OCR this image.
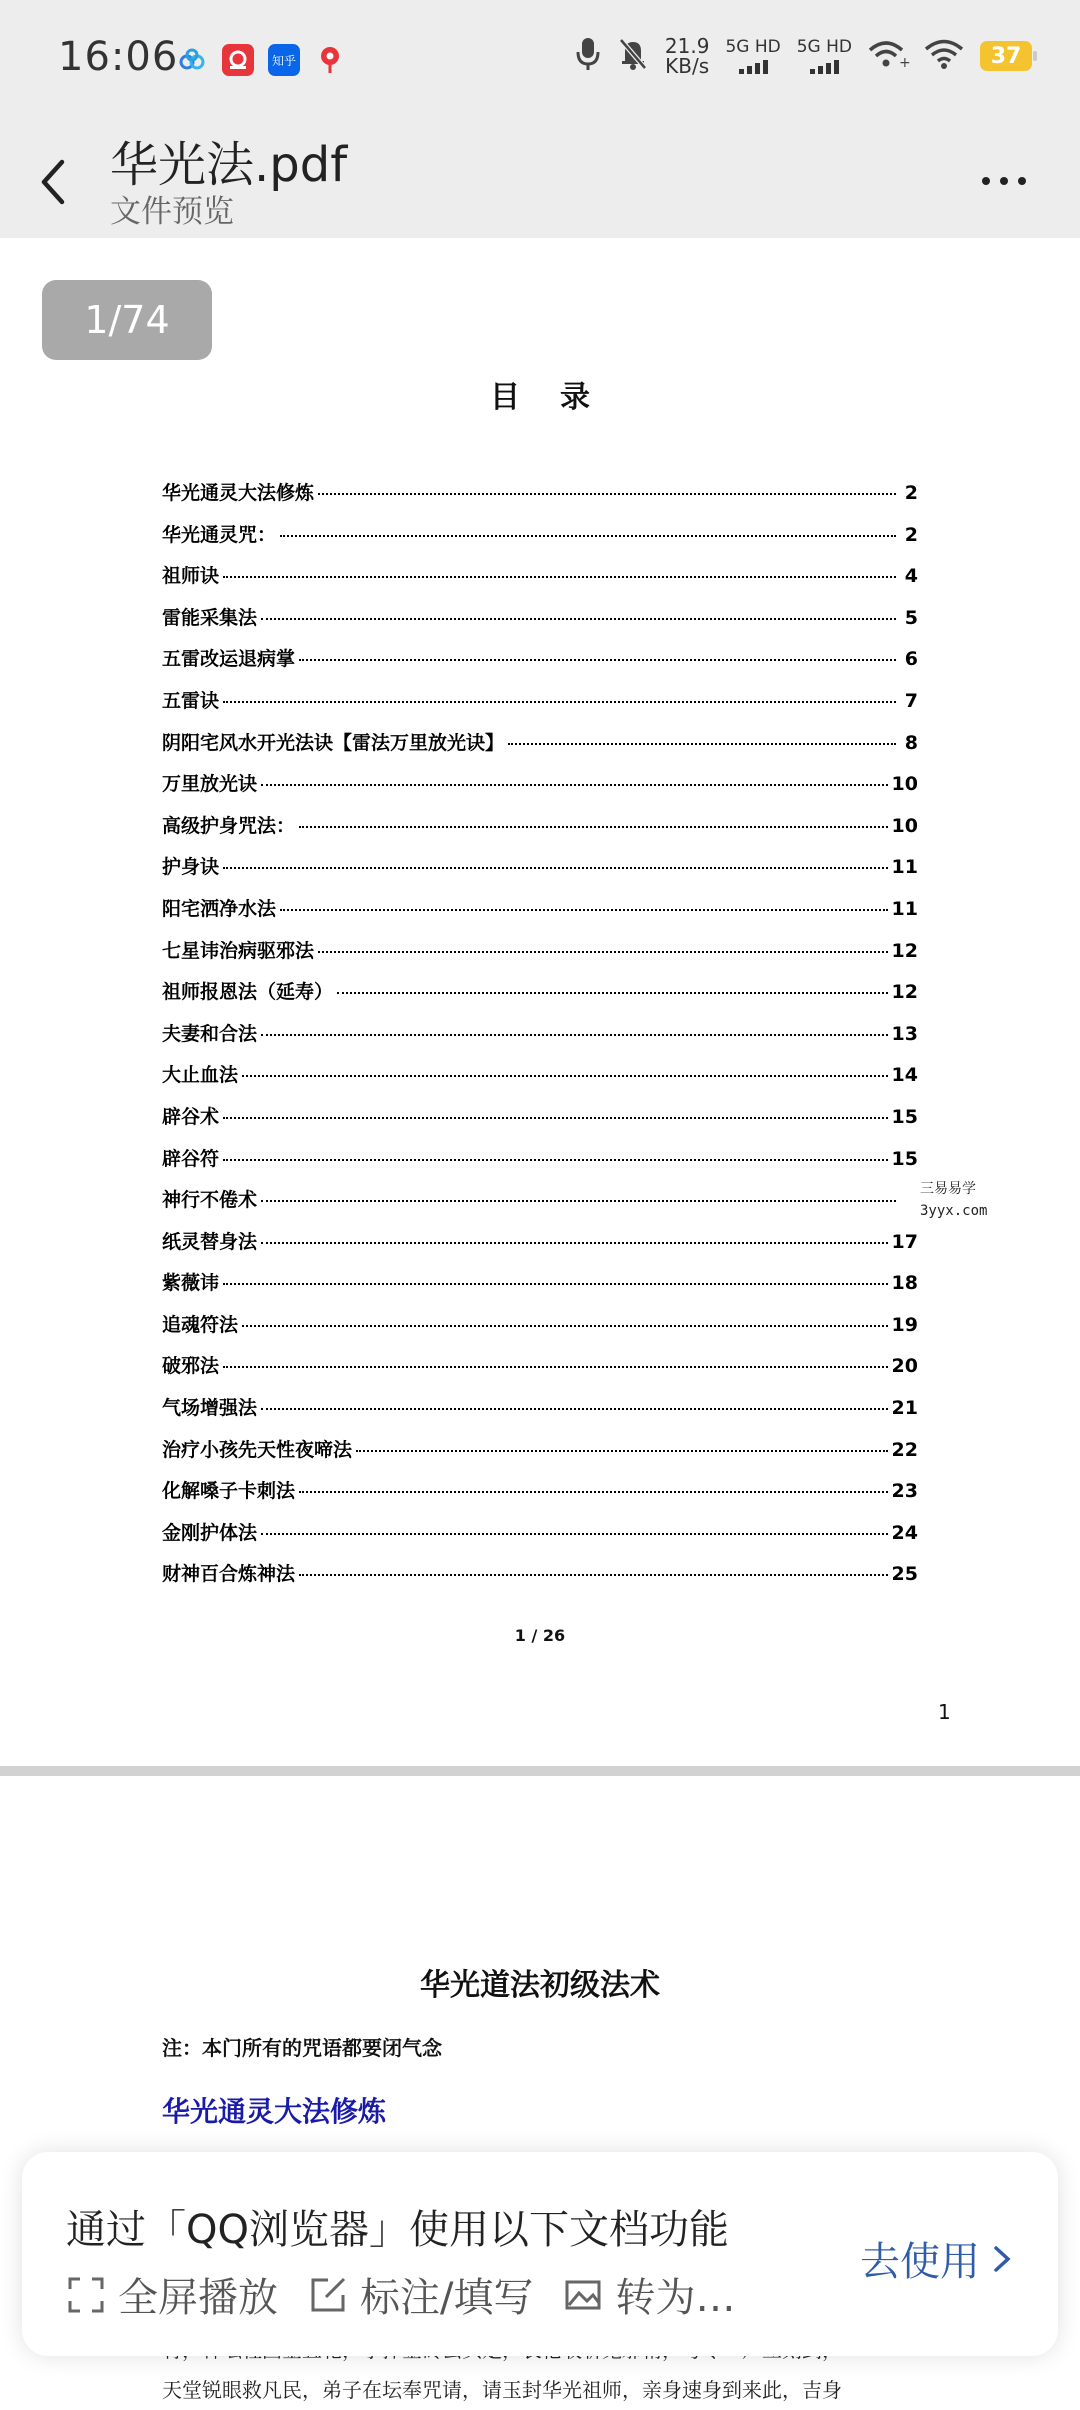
16:06	知乎
21.9
KB/s
5G HD 5G HD
+	37
华光法.pdf
文件预览
1/74
目录
华光通灵大法修炼	2
华光通灵咒：	2
祖师诀	4
雷能采集法	5
五雷改运退病掌	6
五雷诀	7
阴阳宅风水开光法诀【雷法万里放光诀】	8
万里放光诀	10
高级护身咒法：	10
护身诀	11
阳宅洒净水法	11
七星讳治病驱邪法	12
祖师报恩法（延寿）	12
夫妻和合法	13
大止血法	14
辟谷术	15
辟谷符	15
神行不倦术
纸灵替身法	17
紫薇讳	18
追魂符法	19
破邪法	20
气场增强法	21
治疗小孩先天性夜啼法	22
化解嗓子卡刺法	23
金刚护体法	24
财神百合炼神法	25
三易易学
3yyx.com
1 / 26
1
华光道法初级法术
注：本门所有的咒语都要闭气念
华光通灵大法修炼
天堂锐眼救凡民，弟子在坛奉咒请，请玉封华光祖师，亲身速身到来此，吉身
通过「QQ浏览器」使用以下文档功能
全屏播放 标注/填写 转为…
去使用
